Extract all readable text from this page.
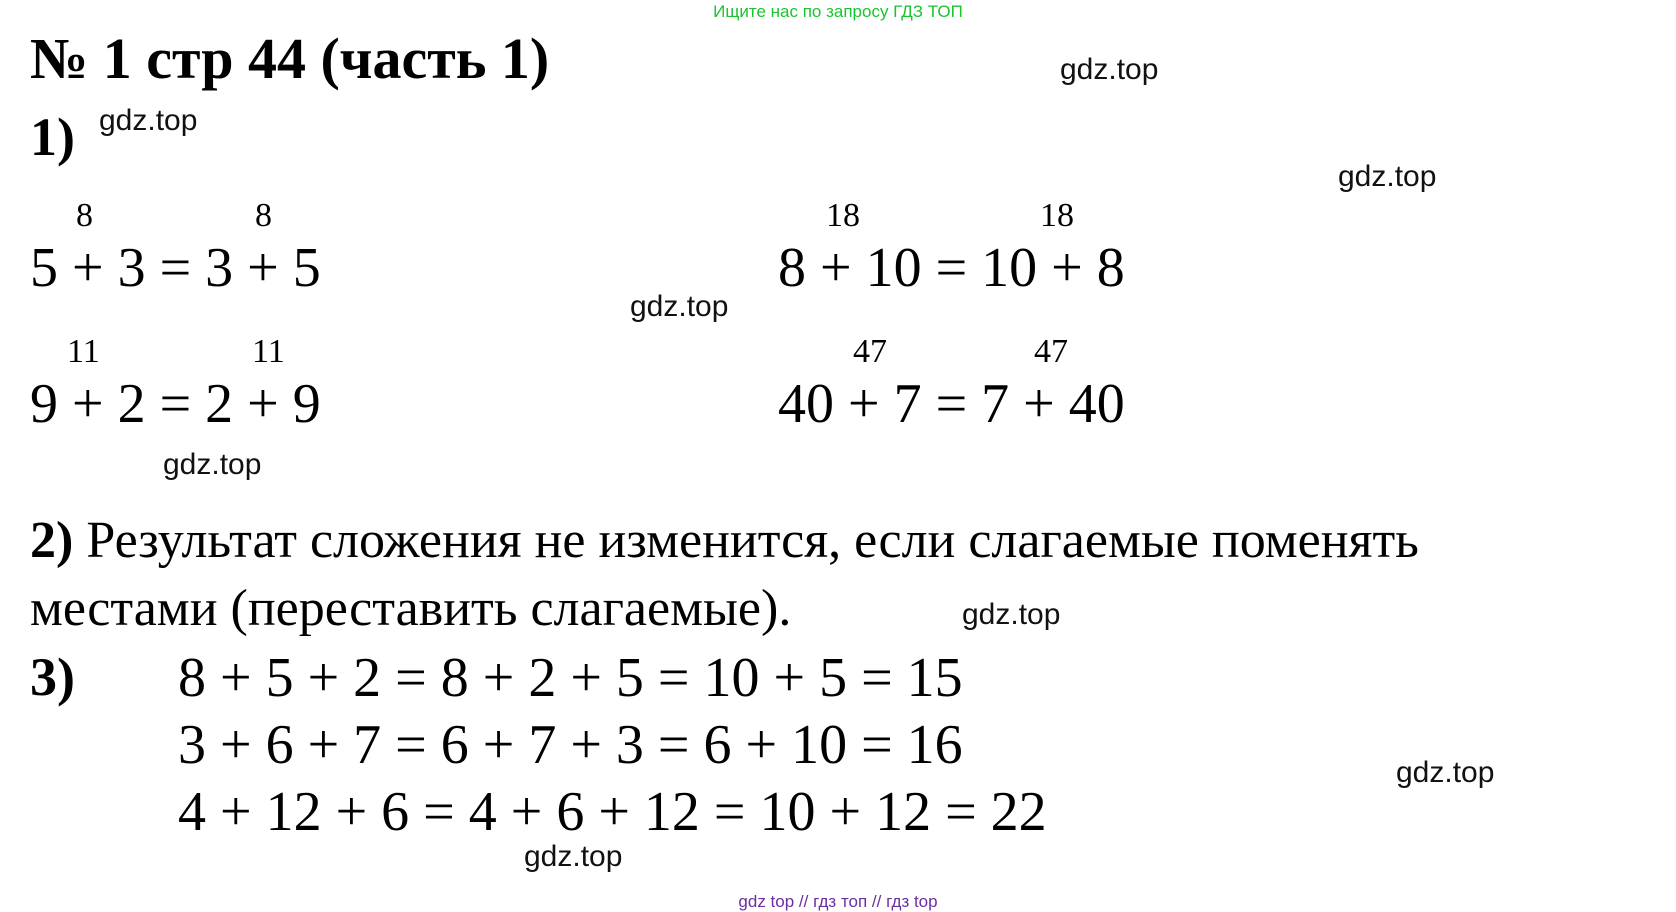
Ищите нас по запросу ГДЗ ТОП
№ 1 стр 44 (часть 1)	gdz.top
gdz.top
gdz.top
gdz.top
gdz.top
gdz.top
gdz.top
gdz.top
1)
8	8
5 + 3 = 3 + 5
11	11
9 + 2 = 2 + 9
18	18
8 + 10 = 10 + 8
47	47
40 + 7 = 7 + 40
2) Результат сложения не изменится, если слагаемые поменять
местами (переставить слагаемые).
3) 8 + 5 + 2 = 8 + 2 + 5 = 10 + 5 = 15
3 + 6 + 7 = 6 + 7 + 3 = 6 + 10 = 16
4 + 12 + 6 = 4 + 6 + 12 = 10 + 12 = 22
gdz top // гдз топ // гдз top
